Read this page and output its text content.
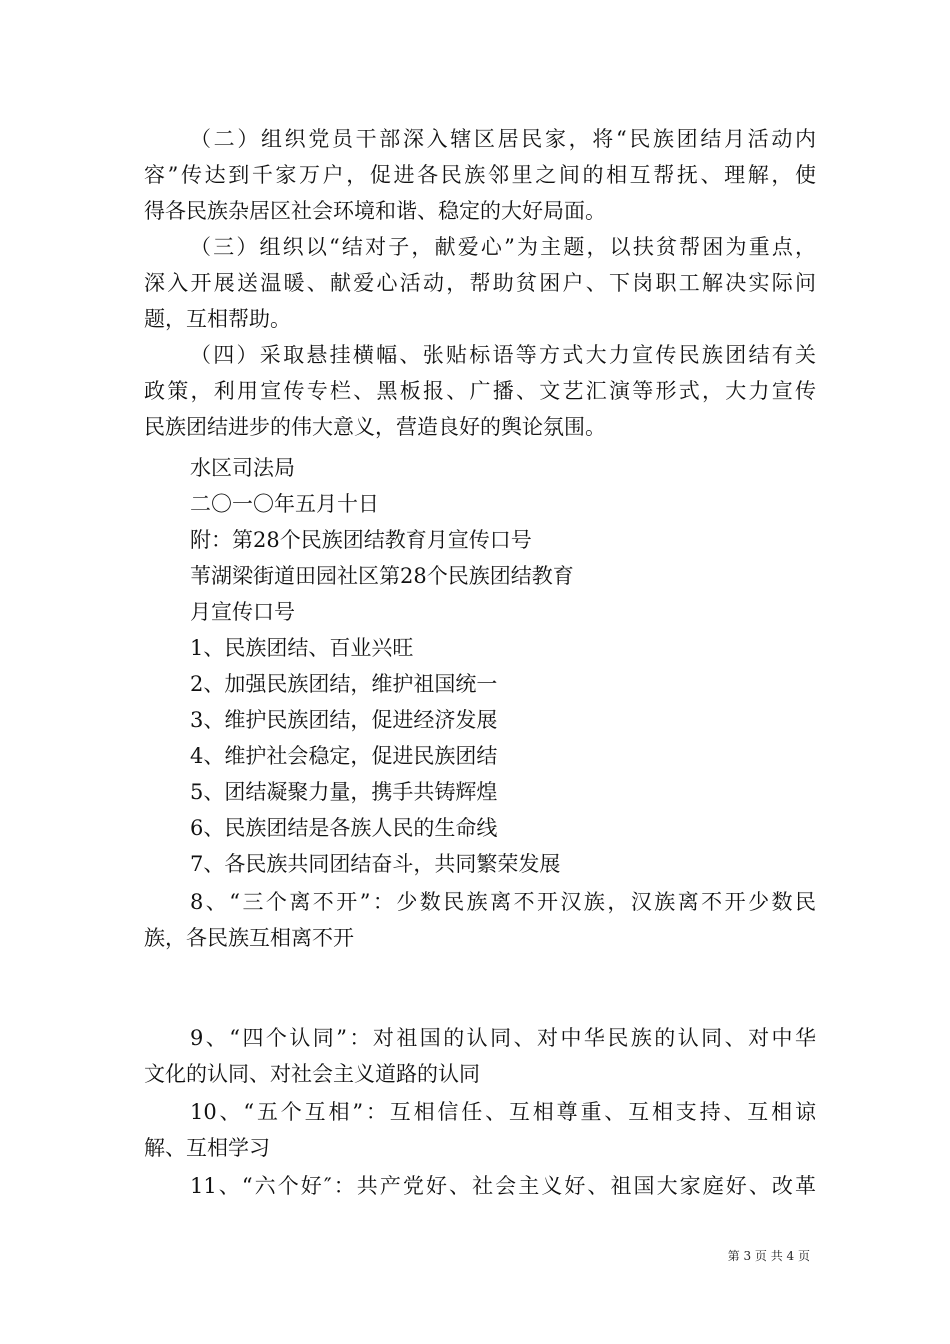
（二）组织党员干部深入辖区居民家，将“民族团结月活动内
容”传达到千家万户，促进各民族邻里之间的相互帮抚、理解，使
得各民族杂居区社会环境和谐、稳定的大好局面。
（三）组织以“结对子，献爱心”为主题，以扶贫帮困为重点，
深入开展送温暖、献爱心活动，帮助贫困户、下岗职工解决实际问
题，互相帮助。
（四）采取悬挂横幅、张贴标语等方式大力宣传民族团结有关
政策，利用宣传专栏、黑板报、广播、文艺汇演等形式，大力宣传
民族团结进步的伟大意义，营造良好的舆论氛围。
水区司法局
二〇一〇年五月十日
附：第28个民族团结教育月宣传口号
苇湖梁街道田园社区第28个民族团结教育
月宣传口号
1、民族团结、百业兴旺
2、加强民族团结，维护祖国统一
3、维护民族团结，促进经济发展
4、维护社会稳定，促进民族团结
5、团结凝聚力量，携手共铸辉煌
6、民族团结是各族人民的生命线
7、各民族共同团结奋斗，共同繁荣发展
8、“三个离不开”：少数民族离不开汉族，汉族离不开少数民
族，各民族互相离不开
9、“四个认同”：对祖国的认同、对中华民族的认同、对中华
文化的认同、对社会主义道路的认同
10、“五个互相”：互相信任、互相尊重、互相支持、互相谅
解、互相学习
11、“六个好″：共产党好、社会主义好、祖国大家庭好、改革
第 3 页 共 4 页
